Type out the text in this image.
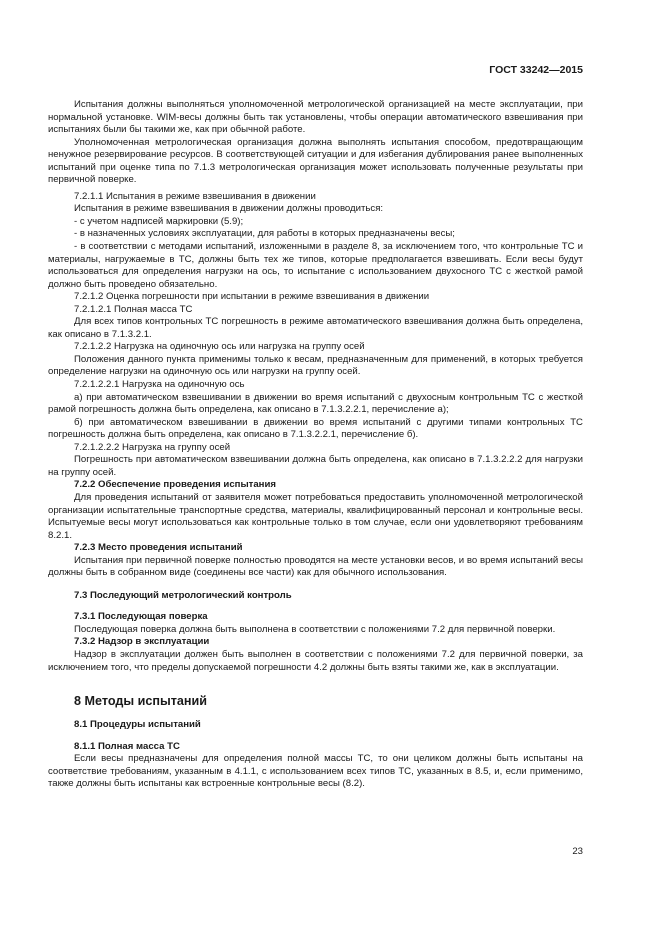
ГОСТ 33242—2015

Испытания должны выполняться уполномоченной метрологической организацией на месте эксплуатации, при нормальной установке. WIM-весы должны быть так установлены, чтобы операции автоматического взвешивания при испытаниях были бы такими же, как при обычной работе.

Уполномоченная метрологическая организация должна выполнять испытания способом, предотвращающим ненужное резервирование ресурсов. В соответствующей ситуации и для избегания дублирования ранее выполненных испытаний при оценке типа по 7.1.3 метрологическая организация может использовать полученные результаты при первичной поверке.

7.2.1.1 Испытания в режиме взвешивания в движении

Испытания в режиме взвешивания в движении должны проводиться:

- с учетом надписей маркировки (5.9);

- в назначенных условиях эксплуатации, для работы в которых предназначены весы;

- в соответствии с методами испытаний, изложенными в разделе 8, за исключением того, что контрольные ТС и материалы, нагружаемые в ТС, должны быть тех же типов, которые предполагается взвешивать. Если весы будут использоваться для определения нагрузки на ось, то испытание с использованием двухосного ТС с жесткой рамой должно быть проведено обязательно.

7.2.1.2 Оценка погрешности при испытании в режиме взвешивания в движении

7.2.1.2.1 Полная масса ТС

Для всех типов контрольных ТС погрешность в режиме автоматического взвешивания должна быть определена, как описано в 7.1.3.2.1.

7.2.1.2.2 Нагрузка на одиночную ось или нагрузка на группу осей

Положения данного пункта применимы только к весам, предназначенным для применений, в которых требуется определение нагрузки на одиночную ось или нагрузки на группу осей.

7.2.1.2.2.1 Нагрузка на одиночную ось

а) при автоматическом взвешивании в движении во время испытаний с двухосным контрольным ТС с жесткой рамой погрешность должна быть определена, как описано в 7.1.3.2.2.1, перечисление а);

б) при автоматическом взвешивании в движении во время испытаний с другими типами контрольных ТС погрешность должна быть определена, как описано в 7.1.3.2.2.1, перечисление б).

7.2.1.2.2.2 Нагрузка на группу осей

Погрешность при автоматическом взвешивании должна быть определена, как описано в 7.1.3.2.2.2 для нагрузки на группу осей.

7.2.2 Обеспечение проведения испытания

Для проведения испытаний от заявителя может потребоваться предоставить уполномоченной метрологической организации испытательные транспортные средства, материалы, квалифицированный персонал и контрольные весы. Испытуемые весы могут использоваться как контрольные только в том случае, если они удовлетворяют требованиям 8.2.1.

7.2.3 Место проведения испытаний

Испытания при первичной поверке полностью проводятся на месте установки весов, и во время испытаний весы должны быть в собранном виде (соединены все части) как для обычного использования.

7.3 Последующий метрологический контроль

7.3.1 Последующая поверка

Последующая поверка должна быть выполнена в соответствии с положениями 7.2 для первичной поверки.

7.3.2 Надзор в эксплуатации

Надзор в эксплуатации должен быть выполнен в соответствии с положениями 7.2 для первичной поверки, за исключением того, что пределы допускаемой погрешности 4.2 должны быть взяты такими же, как в эксплуатации.

8 Методы испытаний

8.1 Процедуры испытаний

8.1.1 Полная масса ТС

Если весы предназначены для определения полной массы ТС, то они целиком должны быть испытаны на соответствие требованиям, указанным в 4.1.1, с использованием всех типов ТС, указанных в 8.5, и, если применимо, также должны быть испытаны как встроенные контрольные весы (8.2).

23
